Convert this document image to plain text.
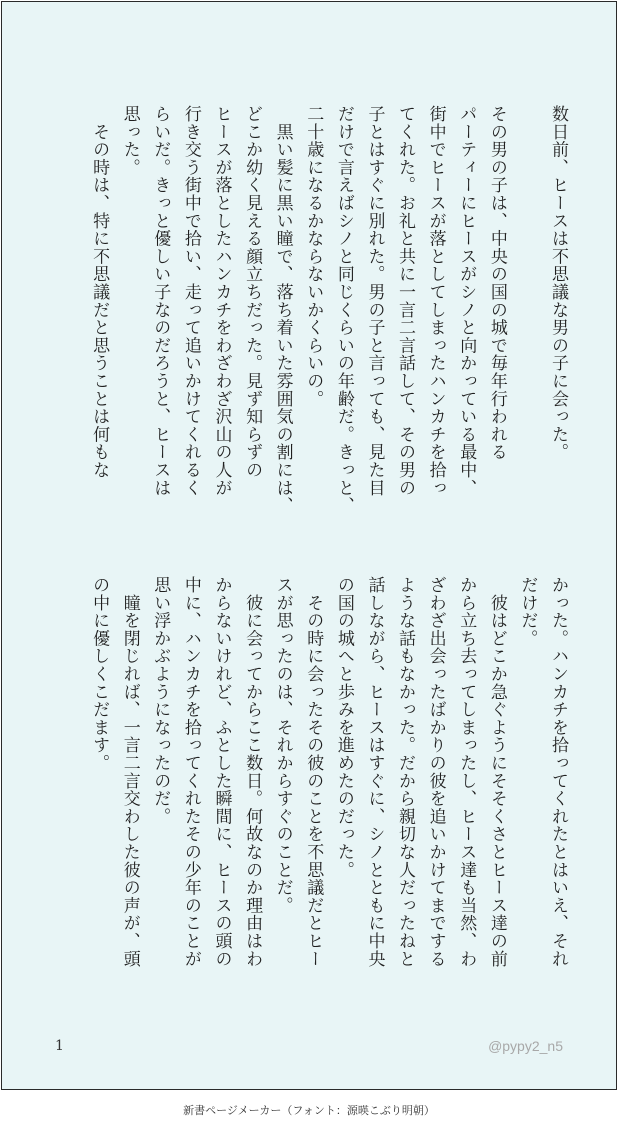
数日前、ヒースは不思議な男の子に会った。
その男の子は、中央の国の城で毎年行われる
パーティーにヒースがシノと向かっている最中、
街中でヒースが落としてしまったハンカチを拾っ
てくれた。お礼と共に一言二言話して、その男の
子とはすぐに別れた。男の子と言っても、見た目
だけで言えばシノと同じくらいの年齢だ。きっと、
二十歳になるかならないかくらいの。
　黒い髪に黒い瞳で、落ち着いた雰囲気の割には、
どこか幼く見える顔立ちだった。見ず知らずの
ヒースが落としたハンカチをわざわざ沢山の人が
行き交う街中で拾い、走って追いかけてくれるく
らいだ。きっと優しい子なのだろうと、ヒースは
思った。
　その時は、特に不思議だと思うことは何もな
かった。ハンカチを拾ってくれたとはいえ、それ
だけだ。
　彼はどこか急ぐようにそそくさとヒース達の前
から立ち去ってしまったし、ヒース達も当然、わ
ざわざ出会ったばかりの彼を追いかけてまでする
ような話もなかった。だから親切な人だったねと
話しながら、ヒースはすぐに、シノとともに中央
の国の城へと歩みを進めたのだった。
　その時に会ったその彼のことを不思議だとヒー
スが思ったのは、それからすぐのことだ。
　彼に会ってからここ数日。何故なのか理由はわ
からないけれど、ふとした瞬間に、ヒースの頭の
中に、ハンカチを拾ってくれたその少年のことが
思い浮かぶようになったのだ。
　瞳を閉じれば、一言二言交わした彼の声が、頭
の中に優しくこだます。
1	@pypy2_n5
新書ページメーカー（フォント：源暎こぶり明朝）
